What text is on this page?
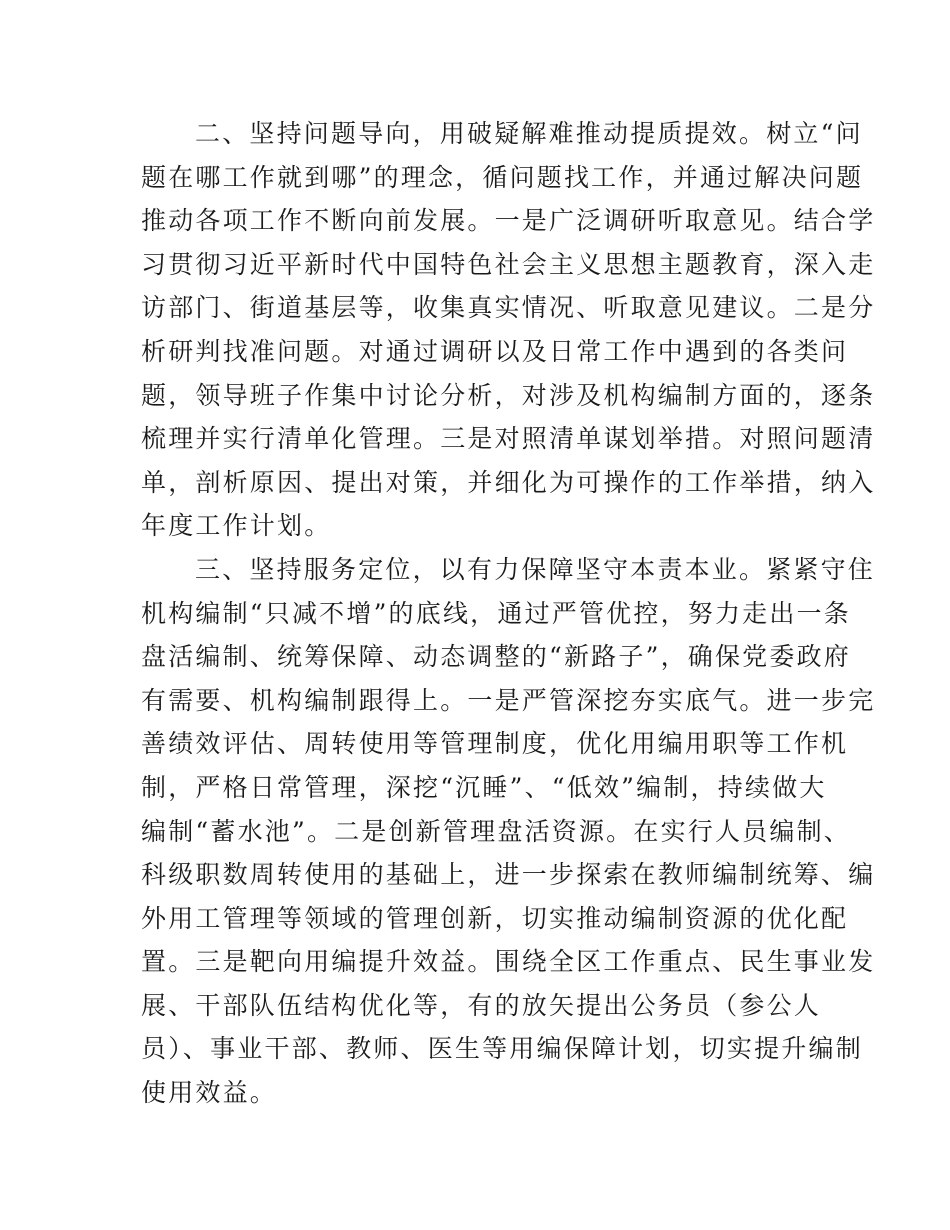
二、坚持问题导向，用破疑解难推动提质提效。树立“问
题在哪工作就到哪”的理念，循问题找工作，并通过解决问题
推动各项工作不断向前发展。一是广泛调研听取意见。结合学
习贯彻习近平新时代中国特色社会主义思想主题教育，深入走
访部门、街道基层等，收集真实情况、听取意见建议。二是分
析研判找准问题。对通过调研以及日常工作中遇到的各类问
题，领导班子作集中讨论分析，对涉及机构编制方面的，逐条
梳理并实行清单化管理。三是对照清单谋划举措。对照问题清
单，剖析原因、提出对策，并细化为可操作的工作举措，纳入
年度工作计划。
三、坚持服务定位，以有力保障坚守本责本业。紧紧守住
机构编制“只减不增”的底线，通过严管优控，努力走出一条
盘活编制、统筹保障、动态调整的“新路子”，确保党委政府
有需要、机构编制跟得上。一是严管深挖夯实底气。进一步完
善绩效评估、周转使用等管理制度，优化用编用职等工作机
制，严格日常管理，深挖“沉睡”、“低效”编制，持续做大
编制“蓄水池”。二是创新管理盘活资源。在实行人员编制、
科级职数周转使用的基础上，进一步探索在教师编制统筹、编
外用工管理等领域的管理创新，切实推动编制资源的优化配
置。三是靶向用编提升效益。围绕全区工作重点、民生事业发
展、干部队伍结构优化等，有的放矢提出公务员（参公人
员）、事业干部、教师、医生等用编保障计划，切实提升编制
使用效益。
